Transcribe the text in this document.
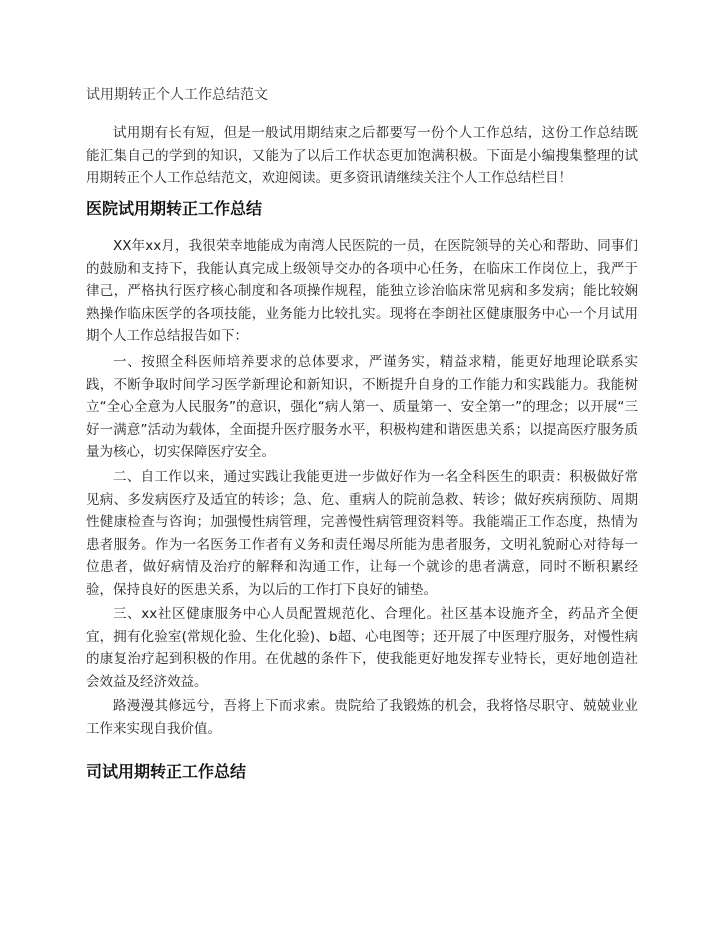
试用期转正个人工作总结范文

试用期有长有短，但是一般试用期结束之后都要写一份个人工作总结，这份工作总结既能汇集自己的学到的知识，又能为了以后工作状态更加饱满积极。下面是小编搜集整理的试用期转正个人工作总结范文，欢迎阅读。更多资讯请继续关注个人工作总结栏目！

医院试用期转正工作总结

XX年xx月，我很荣幸地能成为南湾人民医院的一员，在医院领导的关心和帮助、同事们的鼓励和支持下，我能认真完成上级领导交办的各项中心任务，在临床工作岗位上，我严于律己，严格执行医疗核心制度和各项操作规程，能独立诊治临床常见病和多发病；能比较娴熟操作临床医学的各项技能，业务能力比较扎实。现将在李朗社区健康服务中心一个月试用期个人工作总结报告如下：

一、按照全科医师培养要求的总体要求，严谨务实，精益求精，能更好地理论联系实践，不断争取时间学习医学新理论和新知识，不断提升自身的工作能力和实践能力。我能树立“全心全意为人民服务”的意识，强化“病人第一、质量第一、安全第一”的理念；以开展“三好一满意”活动为载体，全面提升医疗服务水平，积极构建和谐医患关系；以提高医疗服务质量为核心，切实保障医疗安全。

二、自工作以来，通过实践让我能更进一步做好作为一名全科医生的职责：积极做好常见病、多发病医疗及适宜的转诊；急、危、重病人的院前急救、转诊；做好疾病预防、周期性健康检查与咨询；加强慢性病管理，完善慢性病管理资料等。我能端正工作态度，热情为患者服务。作为一名医务工作者有义务和责任竭尽所能为患者服务，文明礼貌耐心对待每一位患者，做好病情及治疗的解释和沟通工作，让每一个就诊的患者满意，同时不断积累经验，保持良好的医患关系，为以后的工作打下良好的铺垫。

三、xx社区健康服务中心人员配置规范化、合理化。社区基本设施齐全，药品齐全便宜，拥有化验室(常规化验、生化化验)、b超、心电图等；还开展了中医理疗服务，对慢性病的康复治疗起到积极的作用。在优越的条件下，使我能更好地发挥专业特长，更好地创造社会效益及经济效益。

路漫漫其修远兮，吾将上下而求索。贵院给了我锻炼的机会，我将恪尽职守、兢兢业业工作来实现自我价值。

司试用期转正工作总结
